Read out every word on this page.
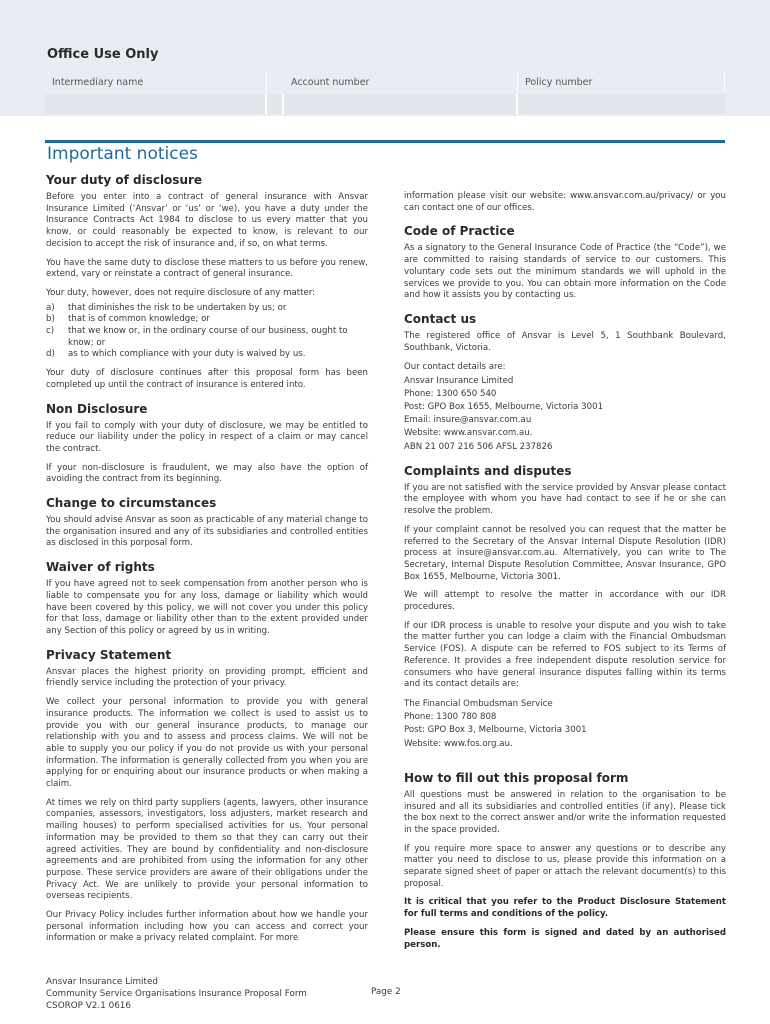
Office Use Only
Intermediary name	Account number	Policy number
Important notices
Your duty of disclosure

Before you enter into a contract of general insurance with Ansvar Insurance Limited (‘Ansvar’ or ‘us’ or ‘we), you have a duty under the Insurance Contracts Act 1984 to disclose to us every matter that you know, or could reasonably be expected to know, is relevant to our decision to accept the risk of insurance and, if so, on what terms.

You have the same duty to disclose these matters to us before you renew, extend, vary or reinstate a contract of general insurance.

Your duty, however, does not require disclosure of any matter:

a)	that diminishes the risk to be undertaken by us; or
b)	that is of common knowledge; or
c)	that we know or, in the ordinary course of our business, ought to know; or
d)	as to which compliance with your duty is waived by us.

Your duty of disclosure continues after this proposal form has been completed up until the contract of insurance is entered into.

Non Disclosure

If you fail to comply with your duty of disclosure, we may be entitled to reduce our liability under the policy in respect of a claim or may cancel the contract.

If your non-disclosure is fraudulent, we may also have the option of avoiding the contract from its beginning.

Change to circumstances

You should advise Ansvar as soon as practicable of any material change to the organisation insured and any of its subsidiaries and controlled entities as disclosed in this porposal form.

Waiver of rights

If you have agreed not to seek compensation from another person who is liable to compensate you for any loss, damage or liability which would have been covered by this policy, we will not cover you under this policy for that loss, damage or liability other than to the extent provided under any Section of this policy or agreed by us in writing.

Privacy Statement

Ansvar places the highest priority on providing prompt, efficient and friendly service including the protection of your privacy.

We collect your personal information to provide you with general insurance products. The information we collect is used to assist us to provide you with our general insurance products, to manage our relationship with you and to assess and process claims. We will not be able to supply you our policy if you do not provide us with your personal information. The information is generally collected from you when you are applying for or enquiring about our insurance products or when making a claim.

At times we rely on third party suppliers (agents, lawyers, other insurance companies, assessors, investigators, loss adjusters, market research and mailing houses) to perform specialised activities for us. Your personal information may be provided to them so that they can carry out their agreed activities. They are bound by confidentiality and non-disclosure agreements and are prohibited from using the information for any other purpose. These service providers are aware of their obligations under the Privacy Act. We are unlikely to provide your personal information to overseas recipients.

Our Privacy Policy includes further information about how we handle your personal information including how you can access and correct your information or make a privacy related complaint. For more

information please visit our website: www.ansvar.com.au/privacy/ or you can contact one of our offices.

Code of Practice

As a signatory to the General Insurance Code of Practice (the “Code”), we are committed to raising standards of service to our customers. This voluntary code sets out the minimum standards we will uphold in the services we provide to you. You can obtain more information on the Code and how it assists you by contacting us.

Contact us

The registered office of Ansvar is Level 5, 1 Southbank Boulevard, Southbank, Victoria.

Our contact details are:
Ansvar Insurance Limited
Phone: 1300 650 540
Post: GPO Box 1655, Melbourne, Victoria 3001
Email: insure@ansvar.com.au
Website: www.ansvar.com.au.
ABN 21 007 216 506 AFSL 237826
Complaints and disputes

If you are not satisfied with the service provided by Ansvar please contact the employee with whom you have had contact to see if he or she can resolve the problem.

If your complaint cannot be resolved you can request that the matter be referred to the Secretary of the Ansvar Internal Dispute Resolution (IDR) process at insure@ansvar.com.au. Alternatively, you can write to The Secretary, Internal Dispute Resolution Committee, Ansvar Insurance, GPO Box 1655, Melbourne, Victoria 3001.

We will attempt to resolve the matter in accordance with our IDR procedures.

If our IDR process is unable to resolve your dispute and you wish to take the matter further you can lodge a claim with the Financial Ombudsman Service (FOS). A dispute can be referred to FOS subject to its Terms of Reference. It provides a free independent dispute resolution service for consumers who have general insurance disputes falling within its terms and its contact details are:

The Financial Ombudsman Service
Phone: 1300 780 808
Post: GPO Box 3, Melbourne, Victoria 3001
Website: www.fos.org.au.
How to fill out this proposal form

All questions must be answered in relation to the organisation to be insured and all its subsidiaries and controlled entities (if any). Please tick the box next to the correct answer and/or write the information requested in the space provided.

If you require more space to answer any questions or to describe any matter you need to disclose to us, please provide this information on a separate signed sheet of paper or attach the relevant document(s) to this proposal.

It is critical that you refer to the Product Disclosure Statement for full terms and conditions of the policy.

Please ensure this form is signed and dated by an authorised person.

Ansvar Insurance Limited
Community Service Organisations Insurance Proposal Form
CSOROP V2.1 0616
Page 2
